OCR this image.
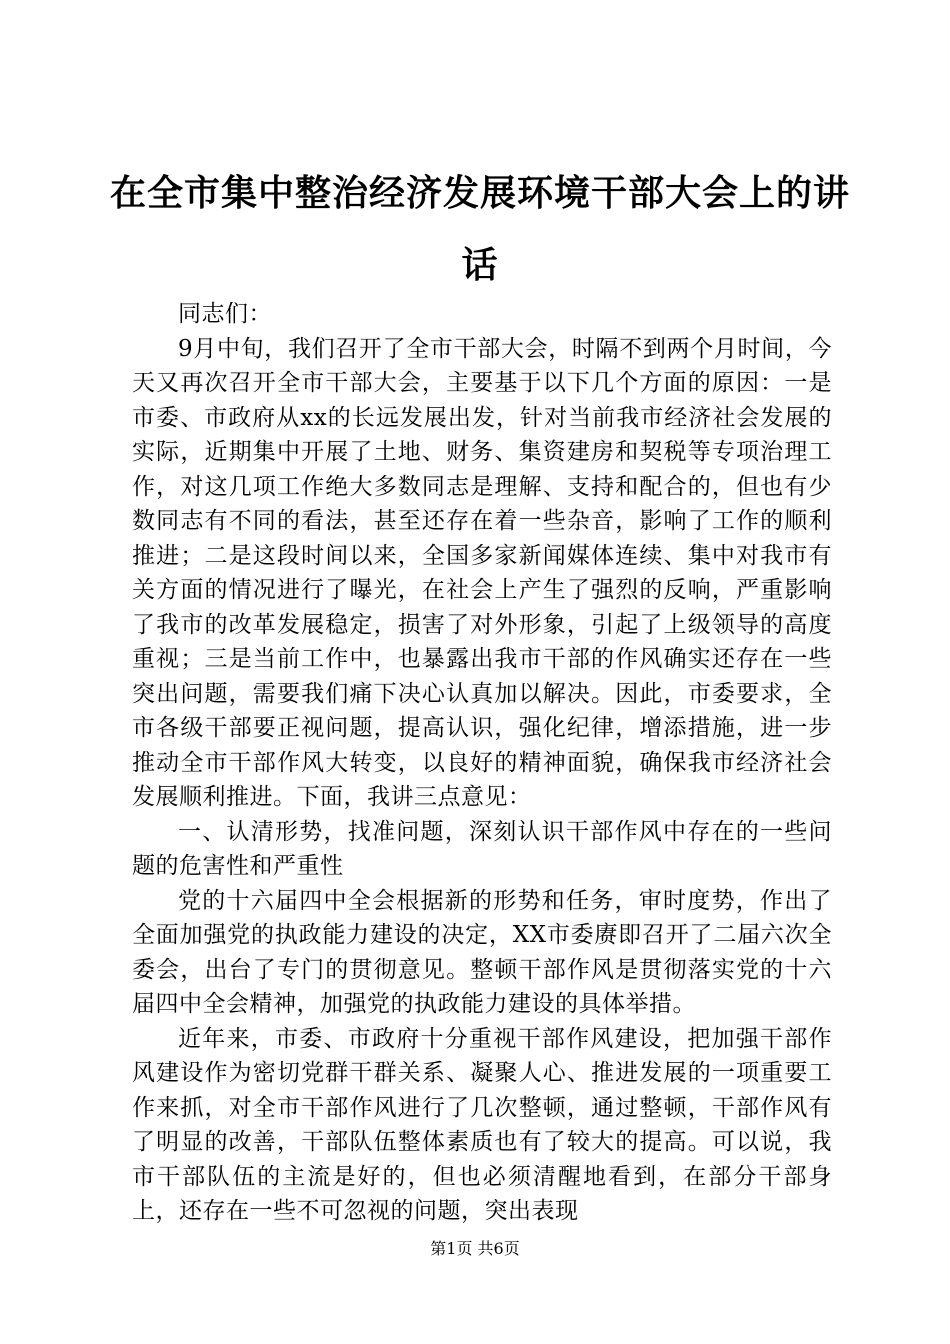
在全市集中整治经济发展环境干部大会上的讲话

同志们：

9月中旬，我们召开了全市干部大会，时隔不到两个月时间，今天又再次召开全市干部大会，主要基于以下几个方面的原因：一是市委、市政府从xx的长远发展出发，针对当前我市经济社会发展的实际，近期集中开展了土地、财务、集资建房和契税等专项治理工作，对这几项工作绝大多数同志是理解、支持和配合的，但也有少数同志有不同的看法，甚至还存在着一些杂音，影响了工作的顺利推进；二是这段时间以来，全国多家新闻媒体连续、集中对我市有关方面的情况进行了曝光，在社会上产生了强烈的反响，严重影响了我市的改革发展稳定，损害了对外形象，引起了上级领导的高度重视；三是当前工作中，也暴露出我市干部的作风确实还存在一些突出问题，需要我们痛下决心认真加以解决。因此，市委要求，全市各级干部要正视问题，提高认识，强化纪律，增添措施，进一步推动全市干部作风大转变，以良好的精神面貌，确保我市经济社会发展顺利推进。下面，我讲三点意见：

一、认清形势，找准问题，深刻认识干部作风中存在的一些问题的危害性和严重性

党的十六届四中全会根据新的形势和任务，审时度势，作出了全面加强党的执政能力建设的决定，XX市委赓即召开了二届六次全委会，出台了专门的贯彻意见。整顿干部作风是贯彻落实党的十六届四中全会精神，加强党的执政能力建设的具体举措。

近年来，市委、市政府十分重视干部作风建设，把加强干部作风建设作为密切党群干群关系、凝聚人心、推进发展的一项重要工作来抓，对全市干部作风进行了几次整顿，通过整顿，干部作风有了明显的改善，干部队伍整体素质也有了较大的提高。可以说，我市干部队伍的主流是好的，但也必须清醒地看到，在部分干部身上，还存在一些不可忽视的问题，突出表现

第1页 共6页
